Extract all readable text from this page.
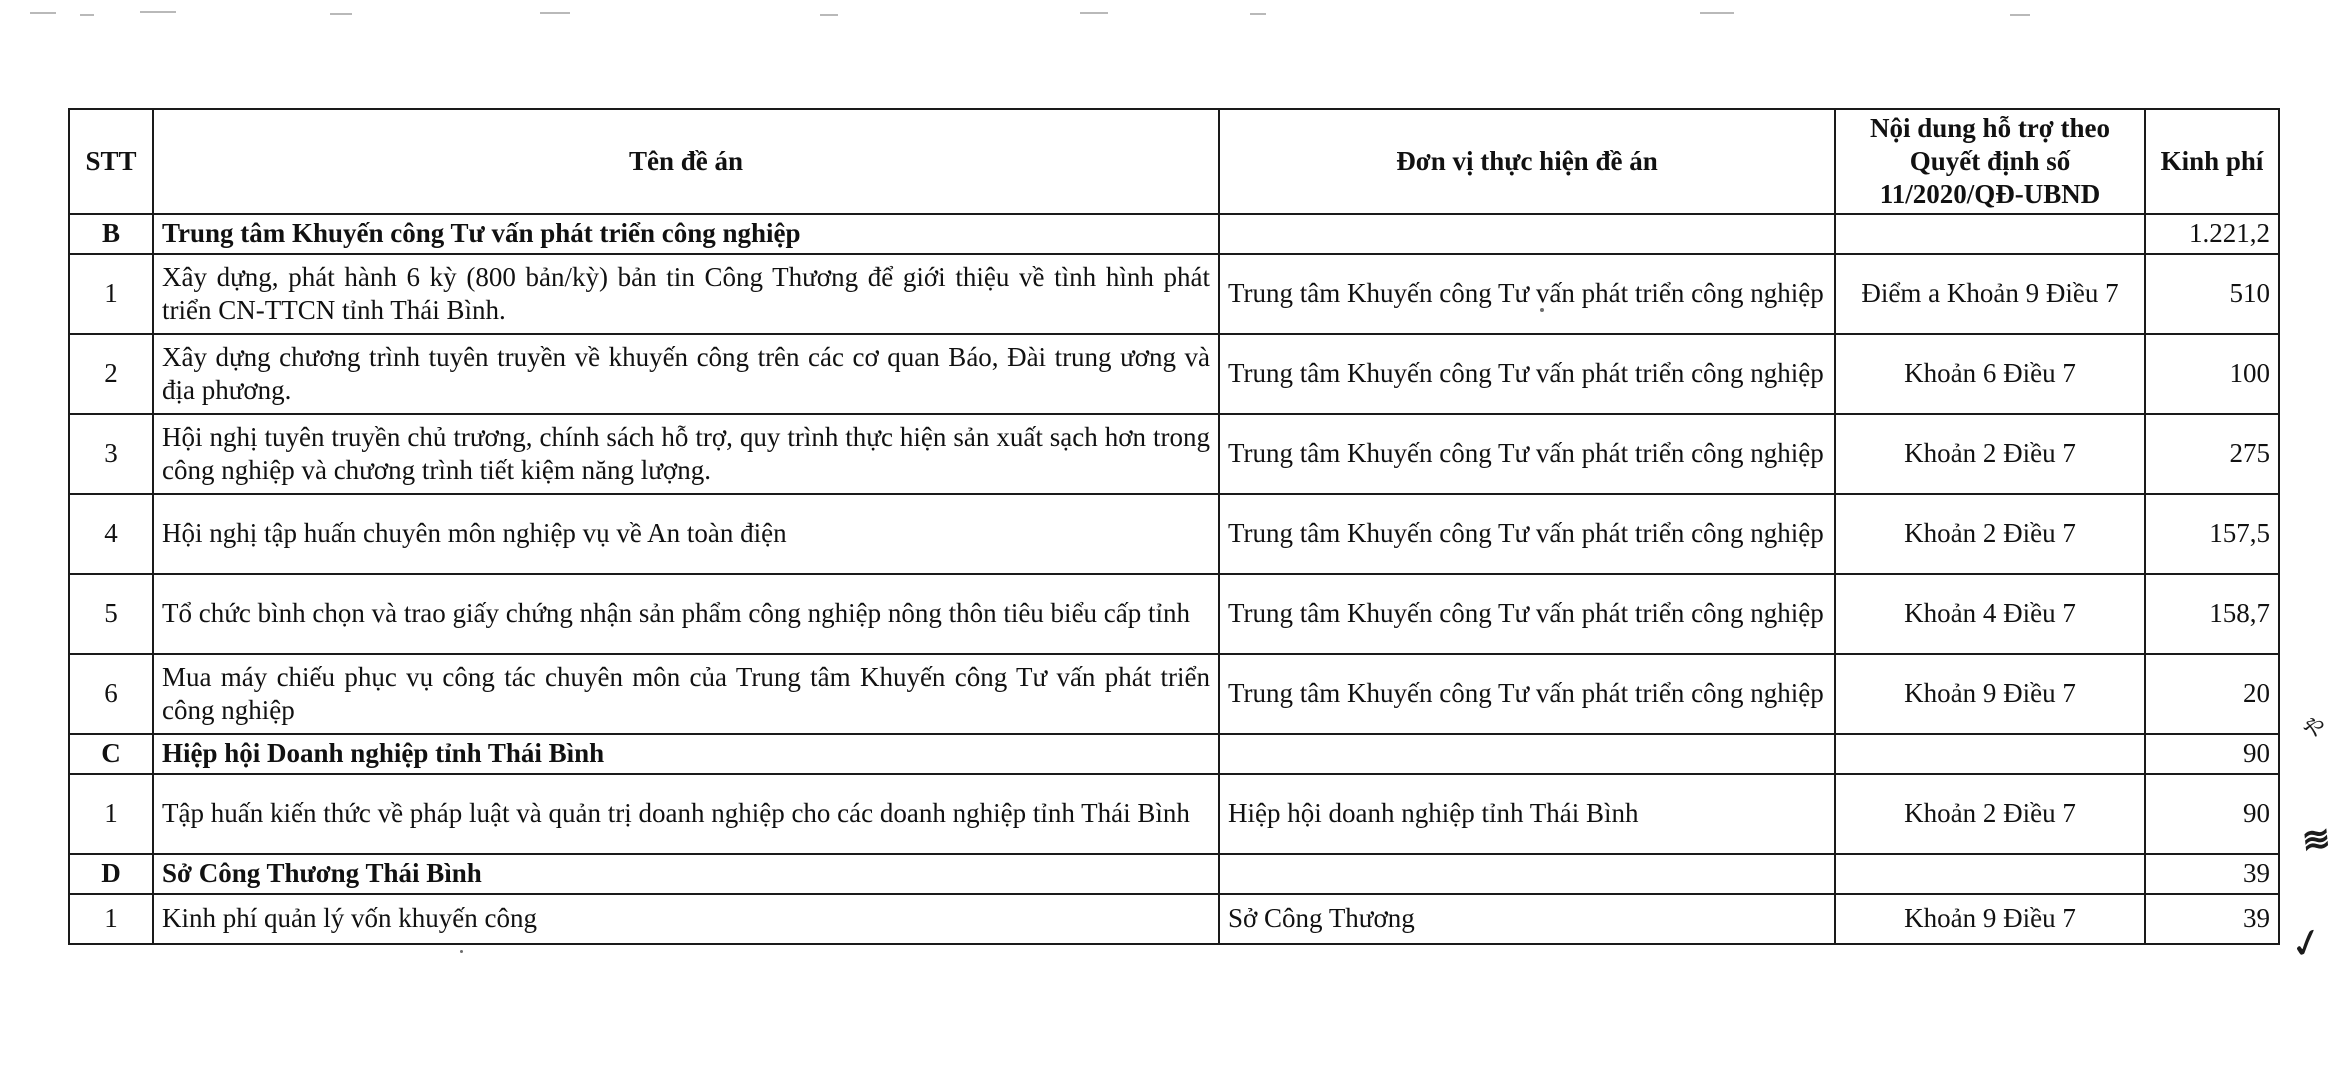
STT	Tên đề án	Đơn vị thực hiện đề án	Nội dung hỗ trợ theo Quyết định số 11/2020/QĐ-UBND	Kinh phí
B	Trung tâm Khuyến công Tư vấn phát triển công nghiệp			1.221,2
1	Xây dựng, phát hành 6 kỳ (800 bản/kỳ) bản tin Công Thương để giới thiệu về tình hình phát triển CN-TTCN tỉnh Thái Bình.	Trung tâm Khuyến công Tư vấn phát triển công nghiệp	Điểm a Khoản 9 Điều 7	510
2	Xây dựng chương trình tuyên truyền về khuyến công trên các cơ quan Báo, Đài trung ương và địa phương.	Trung tâm Khuyến công Tư vấn phát triển công nghiệp	Khoản 6 Điều 7	100
3	Hội nghị tuyên truyền chủ trương, chính sách hỗ trợ, quy trình thực hiện sản xuất sạch hơn trong công nghiệp và chương trình tiết kiệm năng lượng.	Trung tâm Khuyến công Tư vấn phát triển công nghiệp	Khoản 2 Điều 7	275
4	Hội nghị tập huấn chuyên môn nghiệp vụ về An toàn điện	Trung tâm Khuyến công Tư vấn phát triển công nghiệp	Khoản 2 Điều 7	157,5
5	Tổ chức bình chọn và trao giấy chứng nhận sản phẩm công nghiệp nông thôn tiêu biểu cấp tỉnh	Trung tâm Khuyến công Tư vấn phát triển công nghiệp	Khoản 4 Điều 7	158,7
6	Mua máy chiếu phục vụ công tác chuyên môn của Trung tâm Khuyến công Tư vấn phát triển công nghiệp	Trung tâm Khuyến công Tư vấn phát triển công nghiệp	Khoản 9 Điều 7	20
C	Hiệp hội Doanh nghiệp tỉnh Thái Bình			90
1	Tập huấn kiến thức về pháp luật và quản trị doanh nghiệp cho các doanh nghiệp tỉnh Thái Bình	Hiệp hội doanh nghiệp tỉnh Thái Bình	Khoản 2 Điều 7	90
D	Sở Công Thương Thái Bình			39
1	Kinh phí quản lý vốn khuyến công	Sở Công Thương	Khoản 9 Điều 7	39
ゃ
≋
✓
